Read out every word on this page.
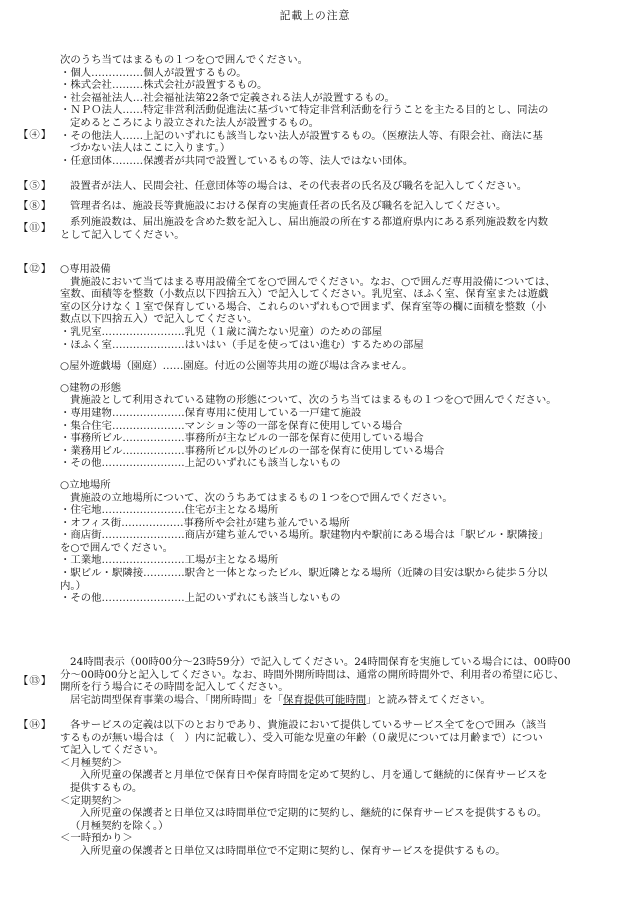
記載上の注意
【④】
次のうち当てはまるもの１つを○で囲んでください。
・個人……………個人が設置するもの。
・株式会社………株式会社が設置するもの。
・社会福祉法人…社会福祉法第22条で定義される法人が設置するもの。
・ＮＰＯ法人……特定非営利活動促進法に基づいて特定非営利活動を行うことを主たる目的とし、同法の
定めるところにより設立された法人が設置するもの。
・その他法人……上記のいずれにも該当しない法人が設置するもの。（医療法人等、有限会社、商法に基
づかない法人はここに入ります。）
・任意団体………保護者が共同で設置しているもの等、法人ではない団体。
【⑤】	設置者が法人、民間会社、任意団体等の場合は、その代表者の氏名及び職名を記入してください。
【⑧】	管理者名は、施設長等貴施設における保育の実施責任者の氏名及び職名を記入してください。
【⑪】	系列施設数は、届出施設を含めた数を記入し、届出施設の所在する都道府県内にある系列施設数を内数
として記入してください。
【⑫】 ○専用設備
貴施設において当てはまる専用設備全てを○で囲んでください。なお、○で囲んだ専用設備については、
室数、面積等を整数（小数点以下四捨五入）で記入してください。乳児室、ほふく室、保育室または遊戯
室の区分けなく１室で保育している場合、これらのいずれも○で囲まず、保育室等の欄に面積を整数（小
数点以下四捨五入）で記入してください。
・乳児室……………………乳児（１歳に満たない児童）のための部屋
・ほふく室…………………はいはい（手足を使ってはい進む）するための部屋
○屋外遊戯場（園庭）……園庭。付近の公園等共用の遊び場は含みません。
○建物の形態
貴施設として利用されている建物の形態について、次のうち当てはまるもの１つを○で囲んでください。
・専用建物…………………保育専用に使用している一戸建て施設
・集合住宅…………………マンション等の一部を保育に使用している場合
・事務所ビル………………事務所が主なビルの一部を保育に使用している場合
・業務用ビル………………事務所ビル以外のビルの一部を保育に使用している場合
・その他……………………上記のいずれにも該当しないもの
○立地場所
貴施設の立地場所について、次のうちあてはまるもの１つを○で囲んでください。
・住宅地……………………住宅が主となる場所
・オフィス街………………事務所や会社が建ち並んでいる場所
・商店街……………………商店が建ち並んでいる場所。駅建物内や駅前にある場合は「駅ビル・駅隣接」
を○で囲んでください。
・工業地……………………工場が主となる場所
・駅ビル・駅隣接…………駅舎と一体となったビル、駅近隣となる場所（近隣の目安は駅から徒歩５分以
内。）
・その他……………………上記のいずれにも該当しないもの
【⑬】
24時間表示（00時00分～23時59分）で記入してください。24時間保育を実施している場合には、00時00
分～00時00分と記入してください。なお、時間外開所時間は、通常の開所時間外で、利用者の希望に応じ、
開所を行う場合にその時間を記入してください。
居宅訪問型保育事業の場合、「開所時間」を「保育提供可能時間」と読み替えてください。
【⑭】	各サービスの定義は以下のとおりであり、貴施設において提供しているサービス全てを○で囲み（該当
するものが無い場合は（　）内に記載し）、受入可能な児童の年齢（０歳児については月齢まで）につい
て記入してください。
＜月極契約＞
入所児童の保護者と月単位で保育日や保育時間を定めて契約し、月を通して継続的に保育サービスを
提供するもの。
＜定期契約＞
入所児童の保護者と日単位又は時間単位で定期的に契約し、継続的に保育サービスを提供するもの。
（月極契約を除く。）
＜一時預かり＞
入所児童の保護者と日単位又は時間単位で不定期に契約し、保育サービスを提供するもの。
